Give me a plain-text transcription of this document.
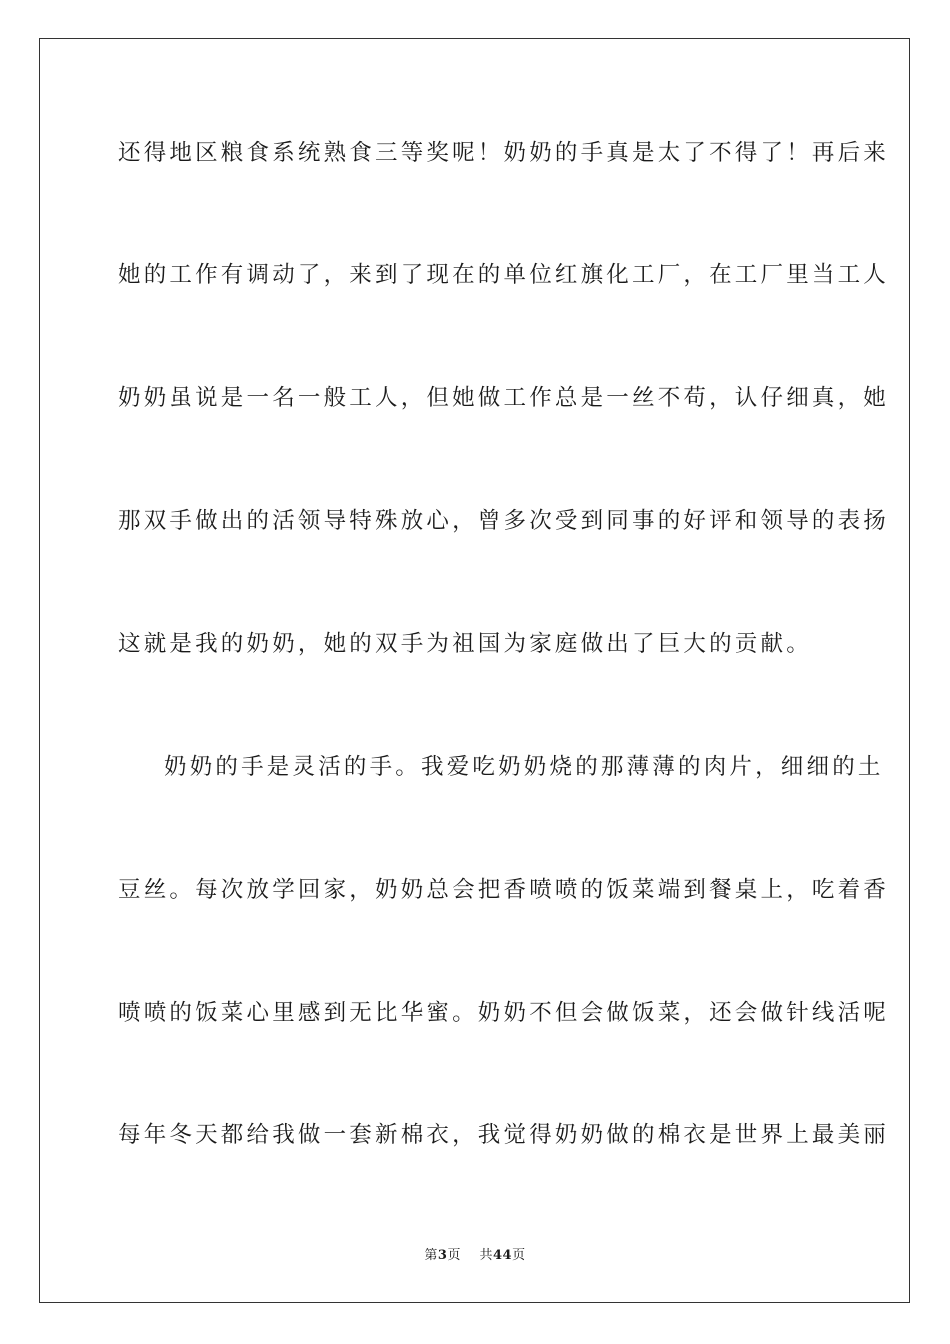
还得地区粮食系统熟食三等奖呢！奶奶的手真是太了不得了！再后来
她的工作有调动了，来到了现在的单位红旗化工厂，在工厂里当工人
奶奶虽说是一名一般工人，但她做工作总是一丝不苟，认仔细真，她
那双手做出的活领导特殊放心，曾多次受到同事的好评和领导的表扬
这就是我的奶奶，她的双手为祖国为家庭做出了巨大的贡献。
奶奶的手是灵活的手。我爱吃奶奶烧的那薄薄的肉片，细细的土
豆丝。每次放学回家，奶奶总会把香喷喷的饭菜端到餐桌上，吃着香
喷喷的饭菜心里感到无比华蜜。奶奶不但会做饭菜，还会做针线活呢
每年冬天都给我做一套新棉衣，我觉得奶奶做的棉衣是世界上最美丽
第3页 共44页
